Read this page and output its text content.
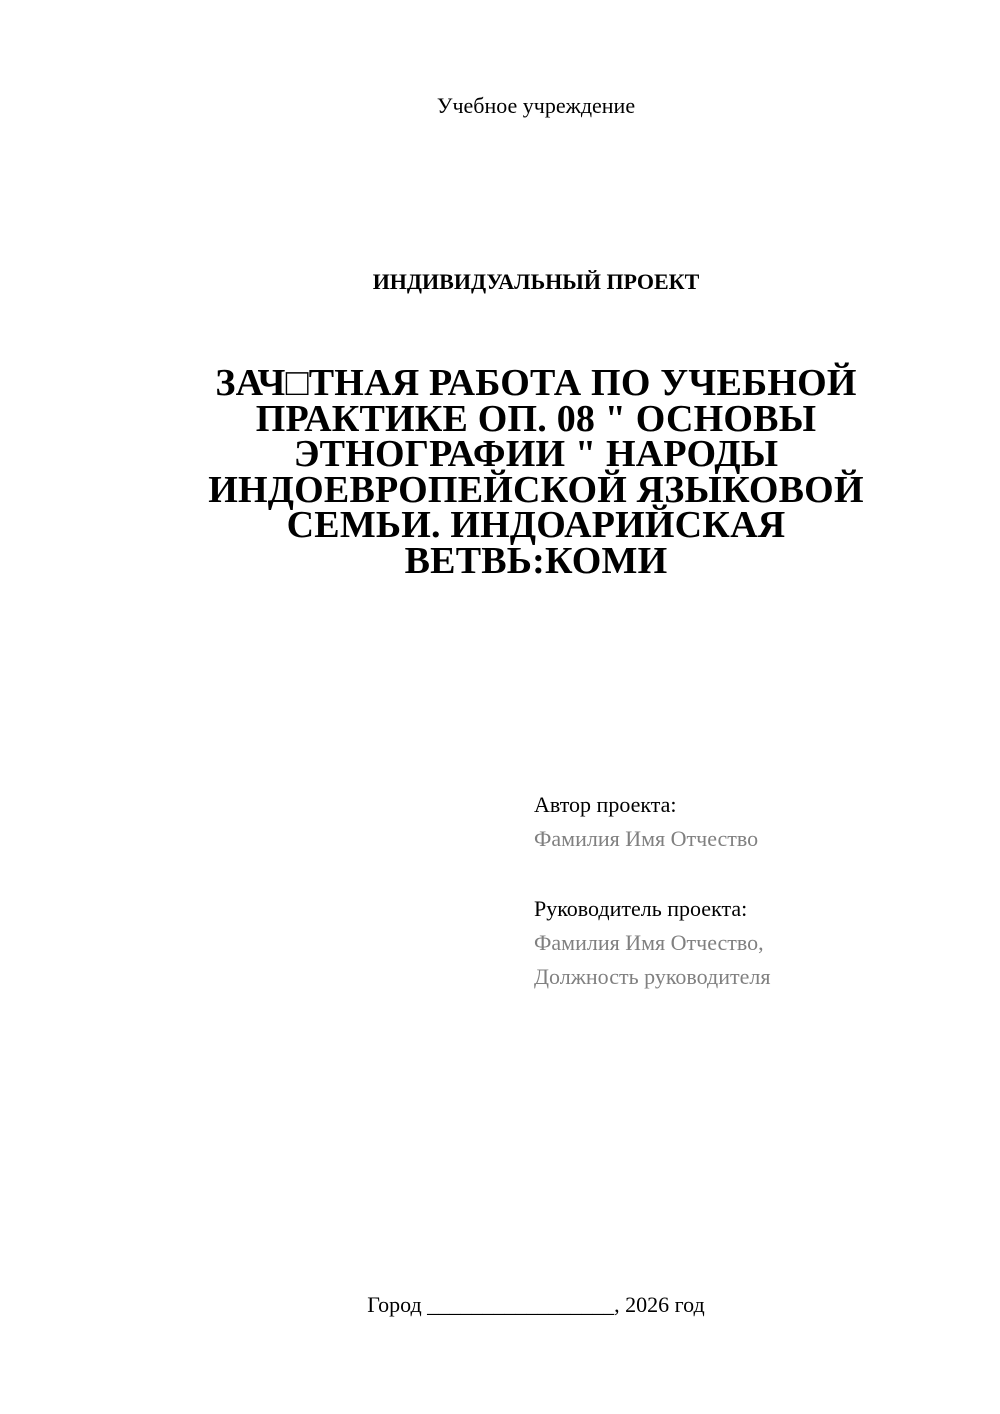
Учебное учреждение
ИНДИВИДУАЛЬНЫЙ ПРОЕКТ
ЗАЧ□ТНАЯ РАБОТА ПО УЧЕБНОЙ
ПРАКТИКЕ ОП. 08 " ОСНОВЫ
ЭТНОГРАФИИ " НАРОДЫ
ИНДОЕВРОПЕЙСКОЙ ЯЗЫКОВОЙ
СЕМЬИ. ИНДОАРИЙСКАЯ
ВЕТВЬ:КОМИ
Автор проекта:
Фамилия Имя Отчество
Руководитель проекта:
Фамилия Имя Отчество,
Должность руководителя
Город _________________, 2026 год
